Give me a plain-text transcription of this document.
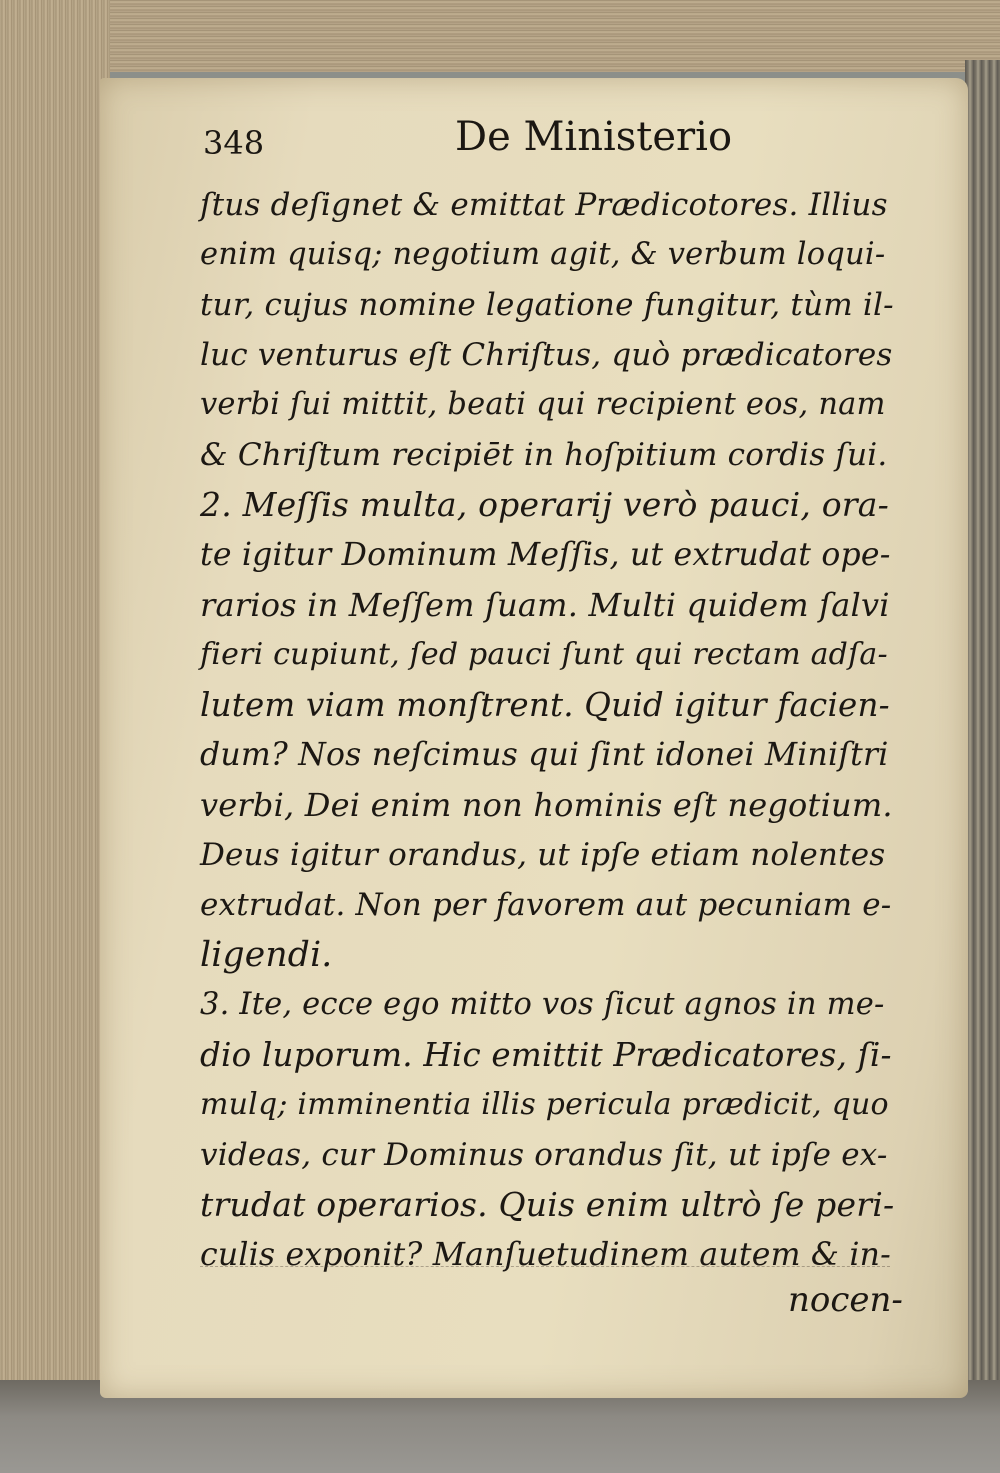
348	De Ministerio
ſtus deſignet & emittat Prædicotores. Illius
enim quisq; negotium agit, & verbum loqui-
tur, cujus nomine legatione fungitur, tùm il-
luc venturus eſt Chriſtus, quò prædicatores
verbi ſui mittit, beati qui recipient eos, nam
& Chriſtum recipiēt in hoſpitium cordis ſui.
2. Meſſis multa, operarij verò pauci, ora-
te igitur Dominum Meſſis, ut extrudat ope-
rarios in Meſſem ſuam. Multi quidem ſalvi
fieri cupiunt, ſed pauci ſunt qui rectam adſa-
lutem viam monſtrent. Quid igitur facien-
dum? Nos neſcimus qui ſint idonei Miniſtri
verbi, Dei enim non hominis eſt negotium.
Deus igitur orandus, ut ipſe etiam nolentes
extrudat. Non per favorem aut pecuniam e-
ligendi.
3. Ite, ecce ego mitto vos ſicut agnos in me-
dio luporum. Hic emittit Prædicatores, ſi-
mulq; imminentia illis pericula prædicit, quo
videas, cur Dominus orandus ſit, ut ipſe ex-
trudat operarios. Quis enim ultrò ſe peri-
culis exponit? Manſuetudinem autem & in-
nocen-
